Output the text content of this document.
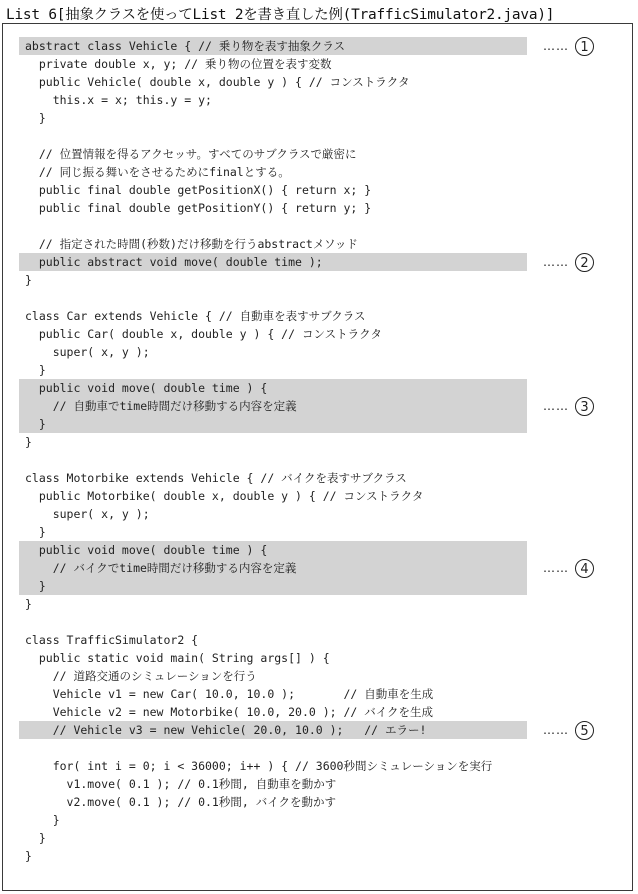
List 6[抽象クラスを使ってList 2を書き直した例(TrafficSimulator2.java)]
abstract class Vehicle { // 乗り物を表す抽象クラス
private double x, y; // 乗り物の位置を表す変数
public Vehicle( double x, double y ) { // コンストラクタ
this.x = x; this.y = y;
}
// 位置情報を得るアクセッサ。すべてのサブクラスで厳密に
// 同じ振る舞いをさせるためにfinalとする。
public final double getPositionX() { return x; }
public final double getPositionY() { return y; }
// 指定された時間(秒数)だけ移動を行うabstractメソッド
public abstract void move( double time );
}
class Car extends Vehicle { // 自動車を表すサブクラス
public Car( double x, double y ) { // コンストラクタ
super( x, y );
}
public void move( double time ) {
// 自動車でtime時間だけ移動する内容を定義
}
}
class Motorbike extends Vehicle { // バイクを表すサブクラス
public Motorbike( double x, double y ) { // コンストラクタ
super( x, y );
}
public void move( double time ) {
// バイクでtime時間だけ移動する内容を定義
}
}
class TrafficSimulator2 {
public static void main( String args[] ) {
// 道路交通のシミュレーションを行う
Vehicle v1 = new Car( 10.0, 10.0 );       // 自動車を生成
Vehicle v2 = new Motorbike( 10.0, 20.0 ); // バイクを生成
// Vehicle v3 = new Vehicle( 20.0, 10.0 );   // エラー!
for( int i = 0; i < 36000; i++ ) { // 3600秒間シミュレーションを実行
v1.move( 0.1 ); // 0.1秒間, 自動車を動かす
v2.move( 0.1 ); // 0.1秒間, バイクを動かす
}
}
}
…… 1
…… 2
…… 3
…… 4
…… 5
